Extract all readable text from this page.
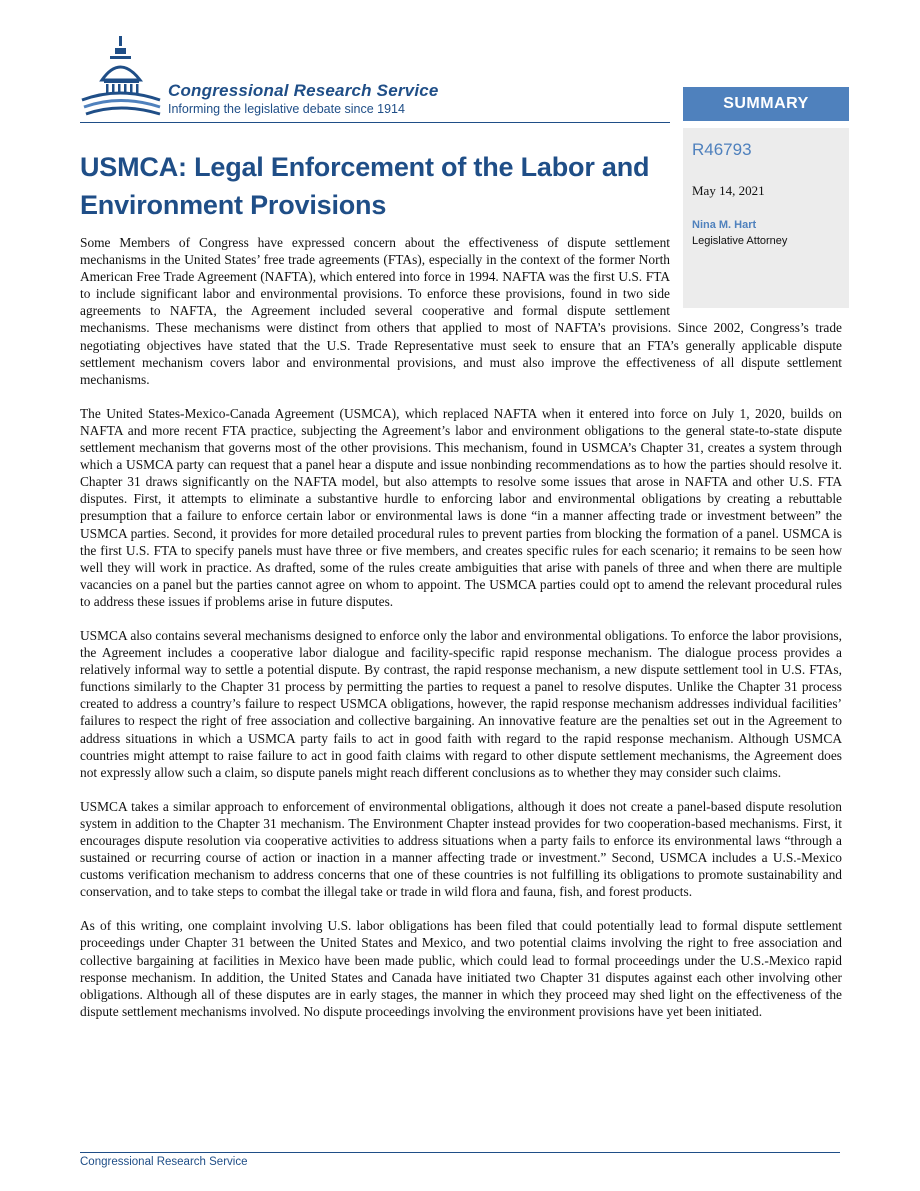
Congressional Research Service
Informing the legislative debate since 1914	SUMMARY
R46793
May 14, 2021
Nina M. Hart
Legislative Attorney
USMCA: Legal Enforcement of the Labor and Environment Provisions

Some Members of Congress have expressed concern about the effectiveness of dispute settlement mechanisms in the United States’ free trade agreements (FTAs), especially in the context of the former North American Free Trade Agreement (NAFTA), which entered into force in 1994. NAFTA was the first U.S. FTA to include significant labor and environmental provisions. To enforce these provisions, found in two side agreements to NAFTA, the Agreement included several cooperative and formal dispute settlement mechanisms. These mechanisms were distinct from others that applied to most of NAFTA’s provisions. Since 2002, Congress’s trade negotiating objectives have stated that the U.S. Trade Representative must seek to ensure that an FTA’s generally applicable dispute settlement mechanism covers labor and environmental provisions, and must also improve the effectiveness of all dispute settlement mechanisms.

The United States-Mexico-Canada Agreement (USMCA), which replaced NAFTA when it entered into force on July 1, 2020, builds on NAFTA and more recent FTA practice, subjecting the Agreement’s labor and environment obligations to the general state-to-state dispute settlement mechanism that governs most of the other provisions. This mechanism, found in USMCA’s Chapter 31, creates a system through which a USMCA party can request that a panel hear a dispute and issue nonbinding recommendations as to how the parties should resolve it. Chapter 31 draws significantly on the NAFTA model, but also attempts to resolve some issues that arose in NAFTA and other U.S. FTA disputes. First, it attempts to eliminate a substantive hurdle to enforcing labor and environmental obligations by creating a rebuttable presumption that a failure to enforce certain labor or environmental laws is done “in a manner affecting trade or investment between” the USMCA parties. Second, it provides for more detailed procedural rules to prevent parties from blocking the formation of a panel. USMCA is the first U.S. FTA to specify panels must have three or five members, and creates specific rules for each scenario; it remains to be seen how well they will work in practice. As drafted, some of the rules create ambiguities that arise with panels of three and when there are multiple vacancies on a panel but the parties cannot agree on whom to appoint. The USMCA parties could opt to amend the relevant procedural rules to address these issues if problems arise in future disputes.

USMCA also contains several mechanisms designed to enforce only the labor and environmental obligations. To enforce the labor provisions, the Agreement includes a cooperative labor dialogue and facility-specific rapid response mechanism. The dialogue process provides a relatively informal way to settle a potential dispute. By contrast, the rapid response mechanism, a new dispute settlement tool in U.S. FTAs, functions similarly to the Chapter 31 process by permitting the parties to request a panel to resolve disputes. Unlike the Chapter 31 process created to address a country’s failure to respect USMCA obligations, however, the rapid response mechanism addresses individual facilities’ failures to respect the right of free association and collective bargaining. An innovative feature are the penalties set out in the Agreement to address situations in which a USMCA party fails to act in good faith with regard to the rapid response mechanism. Although USMCA countries might attempt to raise failure to act in good faith claims with regard to other dispute settlement mechanisms, the Agreement does not expressly allow such a claim, so dispute panels might reach different conclusions as to whether they may consider such claims.

USMCA takes a similar approach to enforcement of environmental obligations, although it does not create a panel-based dispute resolution system in addition to the Chapter 31 mechanism. The Environment Chapter instead provides for two cooperation-based mechanisms. First, it encourages dispute resolution via cooperative activities to address situations when a party fails to enforce its environmental laws “through a sustained or recurring course of action or inaction in a manner affecting trade or investment.” Second, USMCA includes a U.S.-Mexico customs verification mechanism to address concerns that one of these countries is not fulfilling its obligations to promote sustainability and conservation, and to take steps to combat the illegal take or trade in wild flora and fauna, fish, and forest products.

As of this writing, one complaint involving U.S. labor obligations has been filed that could potentially lead to formal dispute settlement proceedings under Chapter 31 between the United States and Mexico, and two potential claims involving the right to free association and collective bargaining at facilities in Mexico have been made public, which could lead to formal proceedings under the U.S.-Mexico rapid response mechanism. In addition, the United States and Canada have initiated two Chapter 31 disputes against each other involving other obligations. Although all of these disputes are in early stages, the manner in which they proceed may shed light on the effectiveness of the dispute settlement mechanisms involved. No dispute proceedings involving the environment provisions have yet been initiated.

Congressional Research Service
